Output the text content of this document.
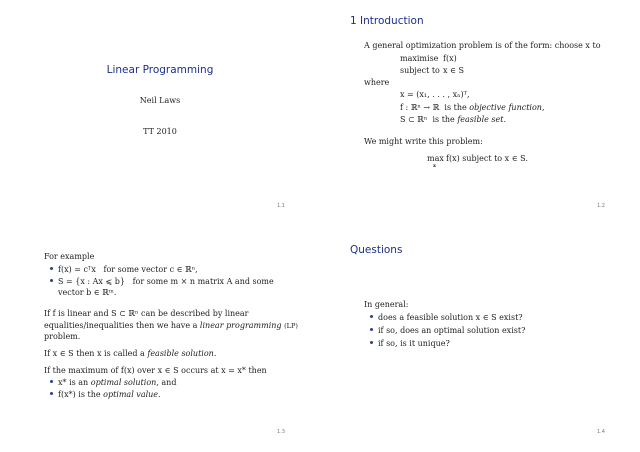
Linear Programming
Neil Laws
TT 2010
1.1
1 Introduction
A general optimization problem is of the form: choose x to
maximise f(x)
subject to x ∈ S
where
x = (x₁, . . . , xₙ)ᵀ,
f : ℝⁿ → ℝ is the objective function,
S ⊂ ℝⁿ is the feasible set.
We might write this problem:
max
x
f(x) subject to x ∈ S.
1.2
For example
f(x) = cᵀx for some vector c ∈ ℝⁿ,
S = {x : Ax ⩽ b} for some m × n matrix A and some
vector b ∈ ℝᵐ.
If f is linear and S ⊂ ℝⁿ can be described by linear
equalities/inequalities then we have a linear programming (LP)
problem.
If x ∈ S then x is called a feasible solution.
If the maximum of f(x) over x ∈ S occurs at x = x* then
x* is an optimal solution, and
f(x*) is the optimal value.
1.3
Questions
In general:
does a feasible solution x ∈ S exist?
if so, does an optimal solution exist?
if so, is it unique?
1.4
